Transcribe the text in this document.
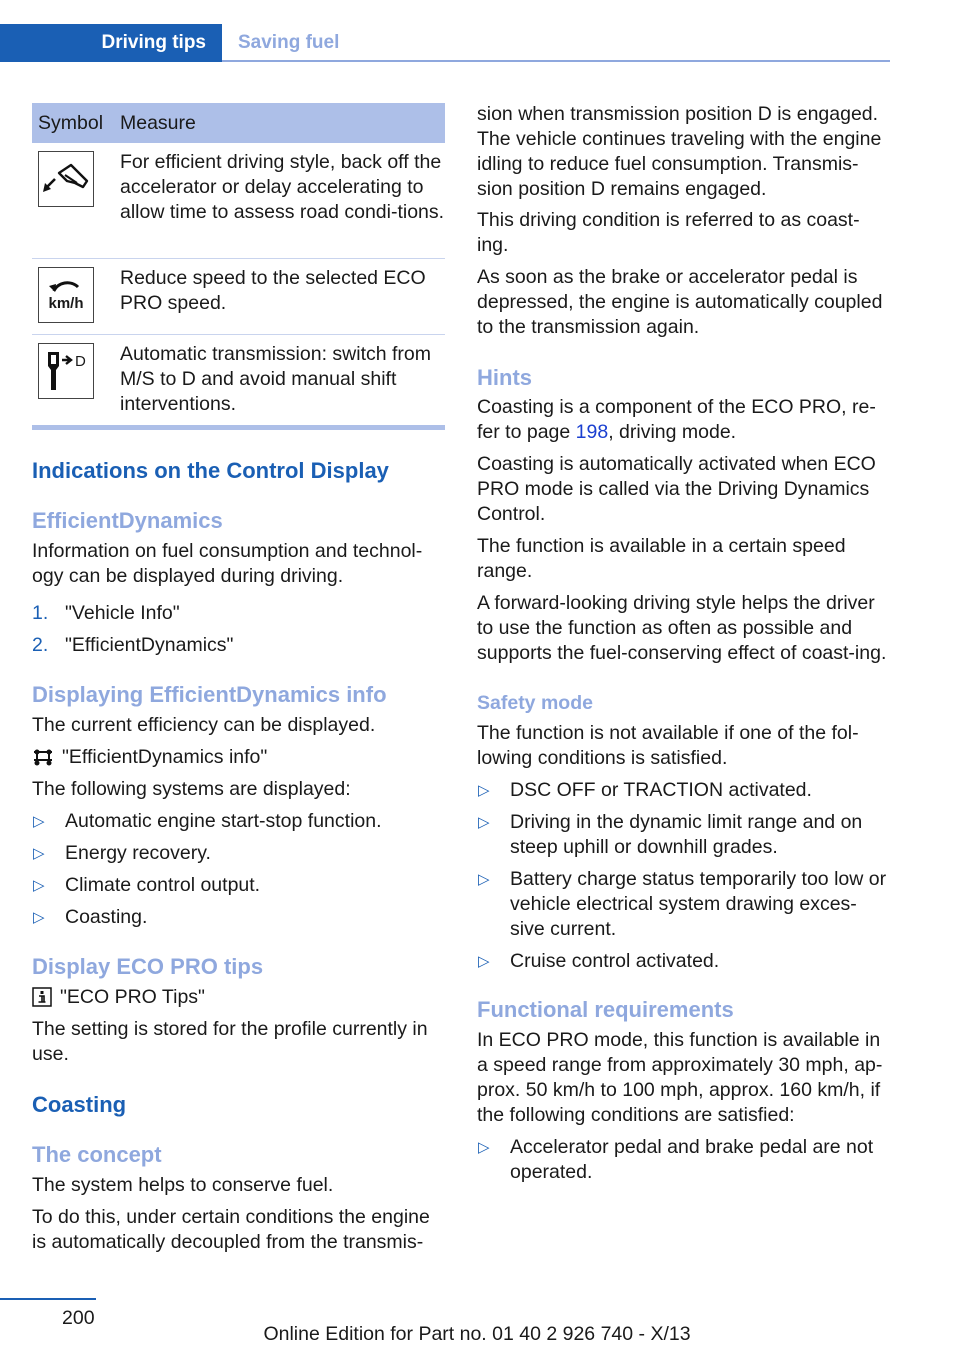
Driving tips	Saving fuel
Symbol	Measure

	For efficient driving style, back off the accelerator or delay accelerating to allow time to assess road condi‐tions.

km/h	Reduce speed to the selected ECO PRO speed.

D	Automatic transmission: switch from M/S to D and avoid manual shift interventions.
Indications on the Control Display
EfficientDynamics

Information on fuel consumption and technol‐ogy can be displayed during driving.

1. "Vehicle Info"
2. "EfficientDynamics"
Displaying EfficientDynamics info

The current efficiency can be displayed.

"EfficientDynamics info"

The following systems are displayed:

▷ Automatic engine start-stop function.
▷ Energy recovery.
▷ Climate control output.
▷ Coasting.
Display ECO PRO tips
"ECO PRO Tips"

The setting is stored for the profile currently in use.

Coasting
The concept

The system helps to conserve fuel.

To do this, under certain conditions the engine is automatically decoupled from the transmis‐

sion when transmission position D is engaged. The vehicle continues traveling with the engine idling to reduce fuel consumption. Transmis‐sion position D remains engaged.

This driving condition is referred to as coast‐ing.

As soon as the brake or accelerator pedal is depressed, the engine is automatically coupled to the transmission again.

Hints

Coasting is a component of the ECO PRO, re‐fer to page 198, driving mode.

Coasting is automatically activated when ECO PRO mode is called via the Driving Dynamics Control.

The function is available in a certain speed range.

A forward-looking driving style helps the driver to use the function as often as possible and supports the fuel-conserving effect of coast‐ing.

Safety mode

The function is not available if one of the fol‐lowing conditions is satisfied.

▷ DSC OFF or TRACTION activated.
▷ Driving in the dynamic limit range and on steep uphill or downhill grades.
▷ Battery charge status temporarily too low or vehicle electrical system drawing exces‐sive current.
▷ Cruise control activated.
Functional requirements

In ECO PRO mode, this function is available in a speed range from approximately 30 mph, ap‐prox. 50 km/h to 100 mph, approx. 160 km/h, if the following conditions are satisfied:

▷ Accelerator pedal and brake pedal are not operated.
200
Online Edition for Part no. 01 40 2 926 740 - X/13
